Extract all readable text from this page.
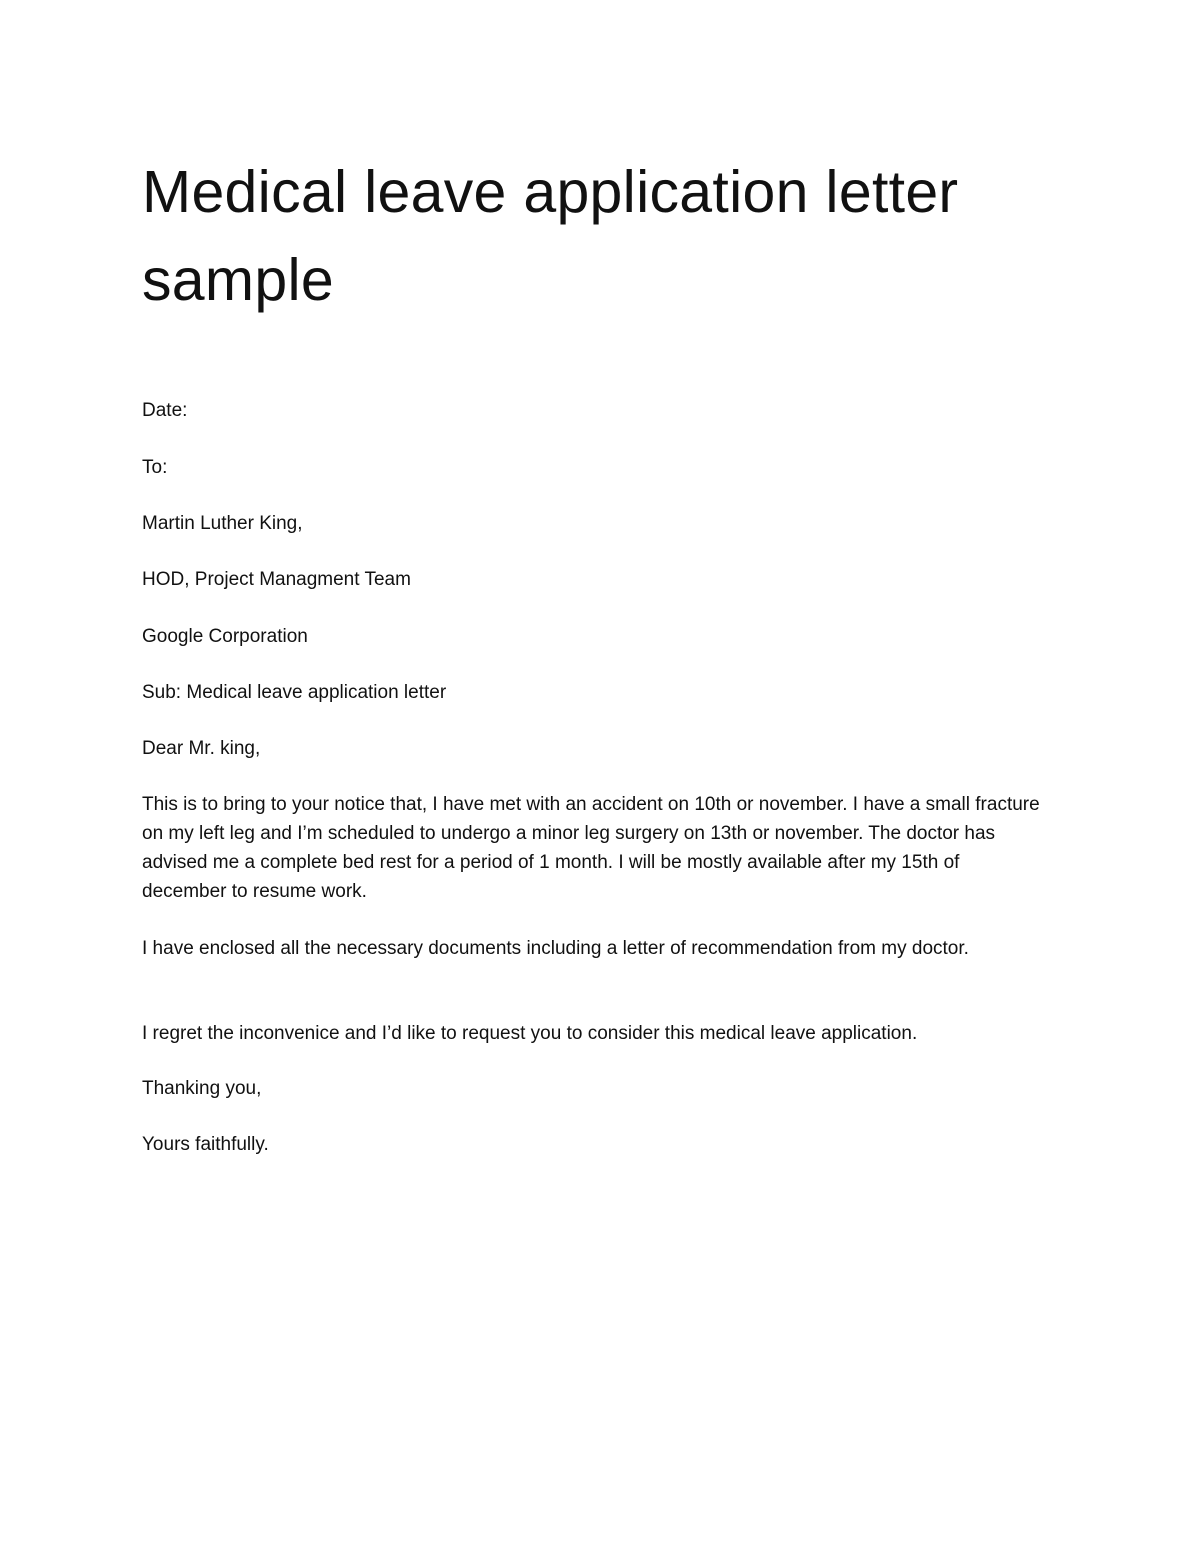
Medical leave application letter sample

Date:

To:

Martin Luther King,

HOD, Project Managment Team

Google Corporation

Sub: Medical leave application letter

Dear Mr. king,

This is to bring to your notice that, I have met with an accident on 10th or november. I have a small fracture on my left leg and I’m scheduled to undergo a minor leg surgery on 13th or november. The doctor has advised me a complete bed rest for a period of 1 month. I will be mostly available after my 15th of december to resume work.

I have enclosed all the necessary documents including a letter of recommendation from my doctor.

I regret the inconvenice and I’d like to request you to consider this medical leave application.

Thanking you,

Yours faithfully.
